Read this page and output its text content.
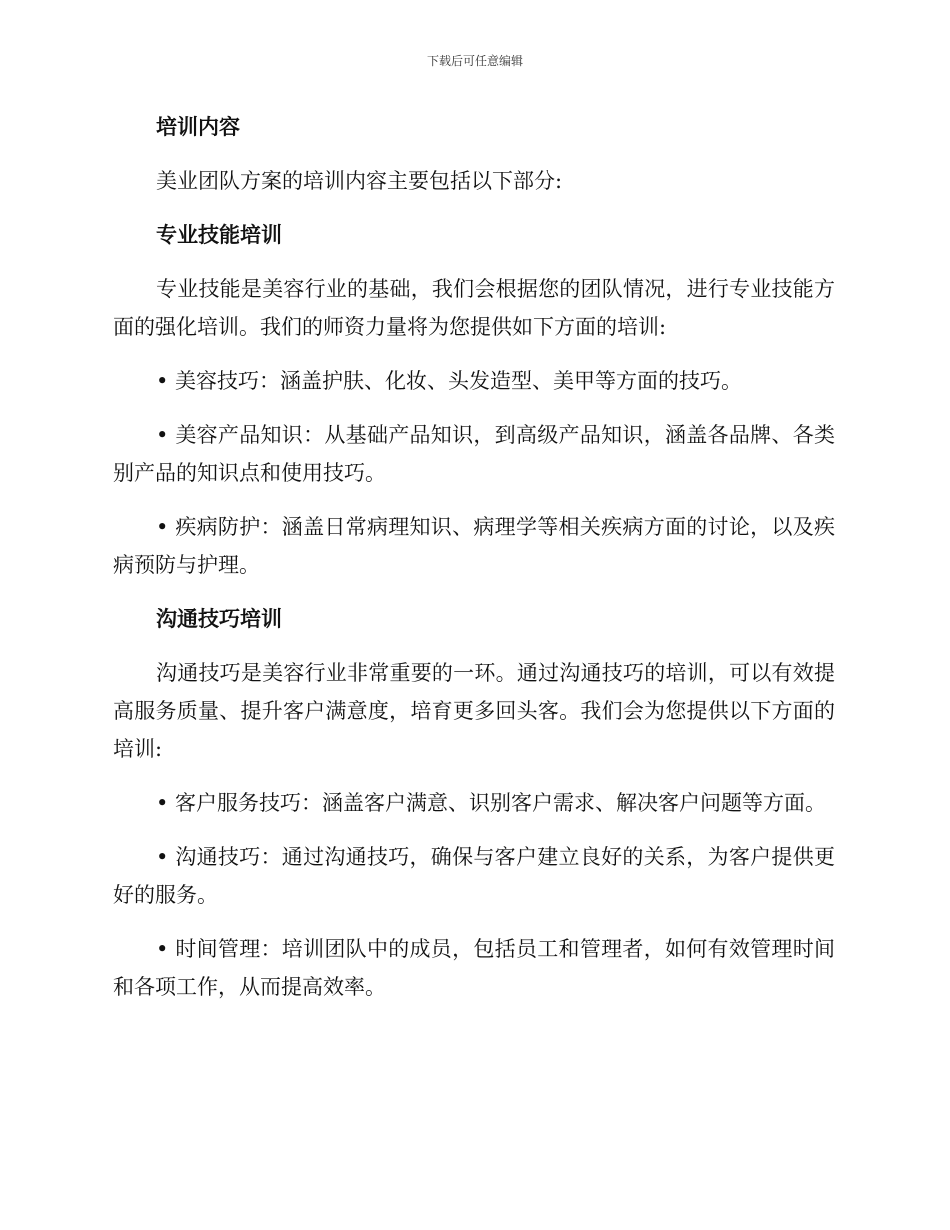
下载后可任意编辑
培训内容
美业团队方案的培训内容主要包括以下部分:
专业技能培训
专业技能是美容行业的基础，我们会根据您的团队情况，进行专业技能方面的强化培训。我们的师资力量将为您提供如下方面的培训:
• 美容技巧：涵盖护肤、化妆、头发造型、美甲等方面的技巧。
• 美容产品知识：从基础产品知识，到高级产品知识，涵盖各品牌、各类别产品的知识点和使用技巧。
• 疾病防护：涵盖日常病理知识、病理学等相关疾病方面的讨论，以及疾病预防与护理。
沟通技巧培训
沟通技巧是美容行业非常重要的一环。通过沟通技巧的培训，可以有效提高服务质量、提升客户满意度，培育更多回头客。我们会为您提供以下方面的培训:
• 客户服务技巧：涵盖客户满意、识别客户需求、解决客户问题等方面。
• 沟通技巧：通过沟通技巧，确保与客户建立良好的关系，为客户提供更好的服务。
• 时间管理：培训团队中的成员，包括员工和管理者，如何有效管理时间和各项工作，从而提高效率。
